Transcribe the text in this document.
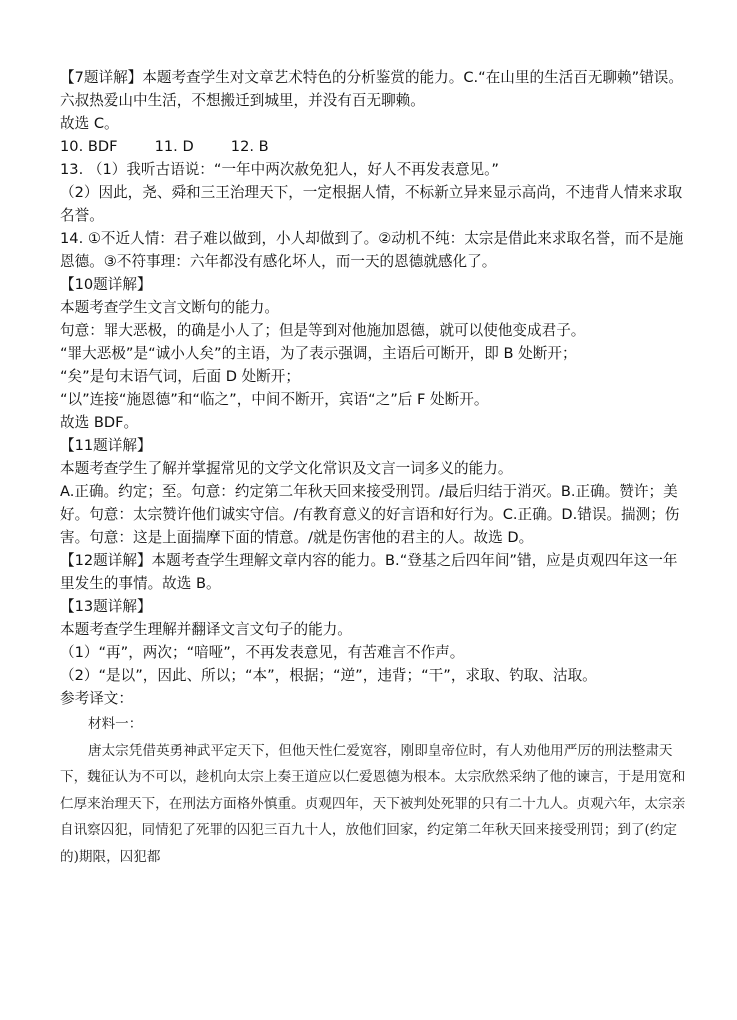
【7题详解】本题考查学生对文章艺术特色的分析鉴赏的能力。C.“在山里的生活百无聊赖”错误。六叔热爱山中生活，不想搬迁到城里，并没有百无聊赖。

故选 C。

10. BDF        11. D        12. B

13. （1）我听古语说：“一年中两次赦免犯人，好人不再发表意见。”

（2）因此，尧、舜和三王治理天下，一定根据人情，不标新立异来显示高尚，不违背人情来求取名誉。

14. ①不近人情：君子难以做到，小人却做到了。②动机不纯：太宗是借此来求取名誉，而不是施恩德。③不符事理：六年都没有感化坏人，而一天的恩德就感化了。

【10题详解】

本题考查学生文言文断句的能力。

句意：罪大恶极，的确是小人了；但是等到对他施加恩德，就可以使他变成君子。

“罪大恶极”是“诚小人矣”的主语，为了表示强调，主语后可断开，即 B 处断开；

“矣”是句末语气词，后面 D 处断开；

“以”连接“施恩德”和“临之”，中间不断开，宾语“之”后 F 处断开。

故选 BDF。

【11题详解】

本题考查学生了解并掌握常见的文学文化常识及文言一词多义的能力。

A.正确。约定；至。句意：约定第二年秋天回来接受刑罚。/最后归结于消灭。B.正确。赞许；美好。句意：太宗赞许他们诚实守信。/有教育意义的好言语和好行为。C.正确。D.错误。揣测；伤害。句意：这是上面揣摩下面的情意。/就是伤害他的君主的人。故选 D。

【12题详解】本题考查学生理解文章内容的能力。B.“登基之后四年间”错，应是贞观四年这一年里发生的事情。故选 B。

【13题详解】

本题考查学生理解并翻译文言文句子的能力。

（1）“再”，两次；“喑哑”，不再发表意见，有苦难言不作声。

（2）“是以”，因此、所以；“本”，根据；“逆”，违背；“干”，求取、钓取、沽取。

参考译文：

材料一：

唐太宗凭借英勇神武平定天下，但他天性仁爱宽容，刚即皇帝位时，有人劝他用严厉的刑法整肃天下，魏征认为不可以，趁机向太宗上奏王道应以仁爱恩德为根本。太宗欣然采纳了他的谏言，于是用宽和仁厚来治理天下，在刑法方面格外慎重。贞观四年，天下被判处死罪的只有二十九人。贞观六年，太宗亲自讯察囚犯，同情犯了死罪的囚犯三百九十人，放他们回家，约定第二年秋天回来接受刑罚；到了(约定的)期限，囚犯都
